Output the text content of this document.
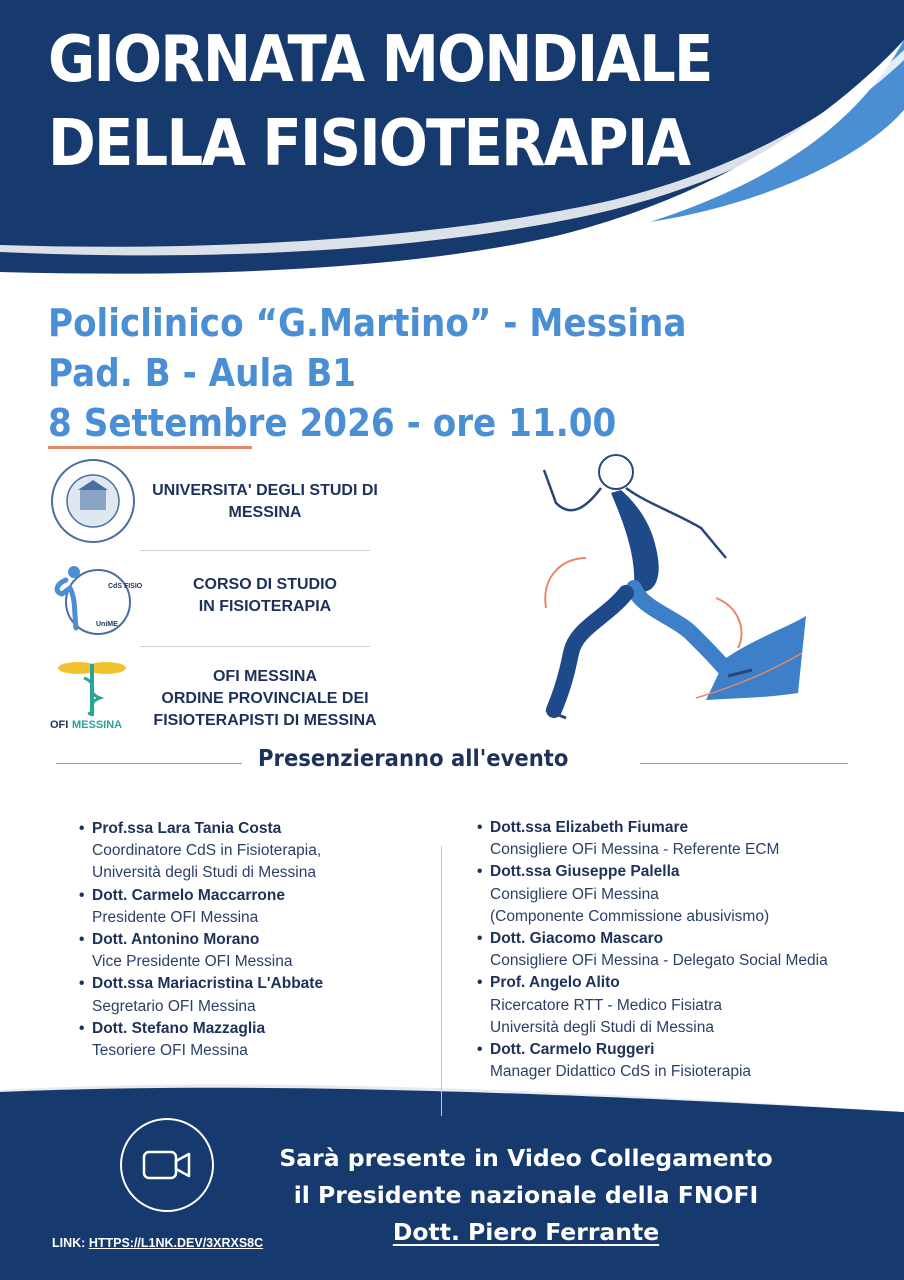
GIORNATA MONDIALE
DELLA FISIOTERAPIA
Policlinico “G.Martino” - Messina
Pad. B - Aula B1
8 Settembre 2026 - ore 11.00
UNIVERSITA' DEGLI STUDI DI
MESSINA
CdS FISIO
UniME
CORSO DI STUDIO
IN FISIOTERAPIA
OFI MESSINA
OFI MESSINA
ORDINE PROVINCIALE DEI
FISIOTERAPISTI DI MESSINA
Presenzieranno all'evento
• Prof.ssa Lara Tania Costa
Coordinatore CdS in Fisioterapia,
Università degli Studi di Messina
• Dott. Carmelo Maccarrone
Presidente OFI Messina
• Dott. Antonino Morano
Vice Presidente OFI Messina
• Dott.ssa Mariacristina L'Abbate
Segretario OFI Messina
• Dott. Stefano Mazzaglia
Tesoriere OFI Messina
• Dott.ssa Elizabeth Fiumare
Consigliere OFi Messina - Referente ECM
• Dott.ssa Giuseppe Palella
Consigliere OFi Messina
(Componente Commissione abusivismo)
• Dott. Giacomo Mascaro
Consigliere OFi Messina - Delegato Social Media
• Prof. Angelo Alito
Ricercatore RTT - Medico Fisiatra
Università degli Studi di Messina
• Dott. Carmelo Ruggeri
Manager Didattico CdS in Fisioterapia
Sarà presente in Video Collegamento
il Presidente nazionale della FNOFI
Dott. Piero Ferrante
LINK: HTTPS://L1NK.DEV/3XRXS8C
